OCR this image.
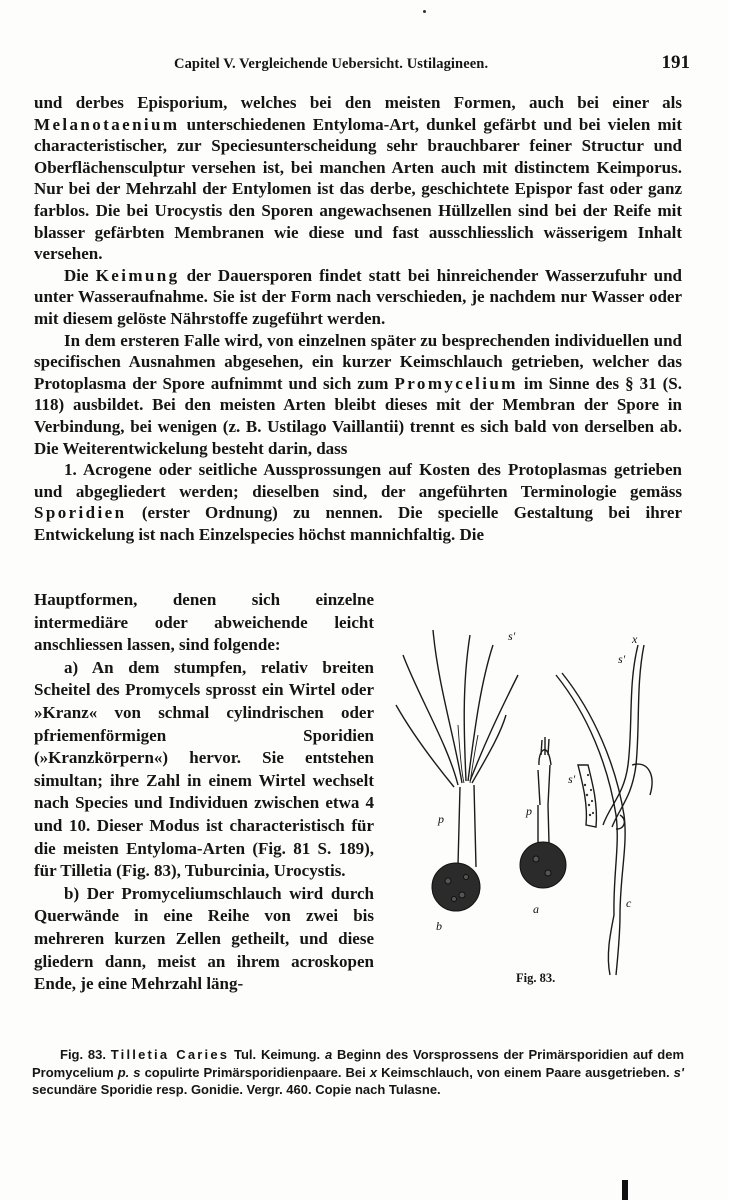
Capitel V. Vergleichende Uebersicht. Ustilagineen.	191

und derbes Episporium, welches bei den meisten Formen, auch bei einer als Melanotaenium unterschiedenen Entyloma-Art, dunkel gefärbt und bei vielen mit characteristischer, zur Speciesunterscheidung sehr brauchbarer feiner Structur und Oberflächensculptur versehen ist, bei manchen Arten auch mit distinctem Keimporus. Nur bei der Mehrzahl der Entylomen ist das derbe, geschichtete Epispor fast oder ganz farblos. Die bei Urocystis den Sporen angewachsenen Hüllzellen sind bei der Reife mit blasser gefärbten Membranen wie diese und fast ausschliesslich wässerigem Inhalt versehen.

Die Keimung der Dauersporen findet statt bei hinreichender Wasserzufuhr und unter Wasseraufnahme. Sie ist der Form nach verschieden, je nachdem nur Wasser oder mit diesem gelöste Nährstoffe zugeführt werden.

In dem ersteren Falle wird, von einzelnen später zu besprechenden individuellen und specifischen Ausnahmen abgesehen, ein kurzer Keimschlauch getrieben, welcher das Protoplasma der Spore aufnimmt und sich zum Promycelium im Sinne des § 31 (S. 118) ausbildet. Bei den meisten Arten bleibt dieses mit der Membran der Spore in Verbindung, bei wenigen (z. B. Ustilago Vaillantii) trennt es sich bald von derselben ab. Die Weiterentwickelung besteht darin, dass

1. Acrogene oder seitliche Aussprossungen auf Kosten des Protoplasmas getrieben und abgegliedert werden; dieselben sind, der angeführten Terminologie gemäss Sporidien (erster Ordnung) zu nennen. Die specielle Gestaltung bei ihrer Entwickelung ist nach Einzelspecies höchst mannichfaltig. Die

Hauptformen, denen sich einzelne intermediäre oder abweichende leicht anschliessen lassen, sind folgende:

a) An dem stumpfen, relativ breiten Scheitel des Promycels sprosst ein Wirtel oder »Kranz« von schmal cylindrischen oder pfriemenförmigen Sporidien (»Kranzkörpern«) hervor. Sie entstehen simultan; ihre Zahl in einem Wirtel wechselt nach Species und Individuen zwischen etwa 4 und 10. Dieser Modus ist characteristisch für die meisten Entyloma-Arten (Fig. 81 S. 189), für Tilletia (Fig. 83), Tuburcinia, Urocystis.

b) Der Promyceliumschlauch wird durch Querwände in eine Reihe von zwei bis mehreren kurzen Zellen getheilt, und diese gliedern dann, meist an ihrem acroskopen Ende, je eine Mehrzahl läng-

p
p
b
a
x
c
s'
s'
s'
Fig. 83.
Fig. 83. Tilletia Caries Tul. Keimung. a Beginn des Vorsprossens der Primärsporidien auf dem Promycelium p. s copulirte Primärsporidienpaare. Bei x Keimschlauch, von einem Paare ausgetrieben. s' secundäre Sporidie resp. Gonidie. Vergr. 460. Copie nach Tulasne.
